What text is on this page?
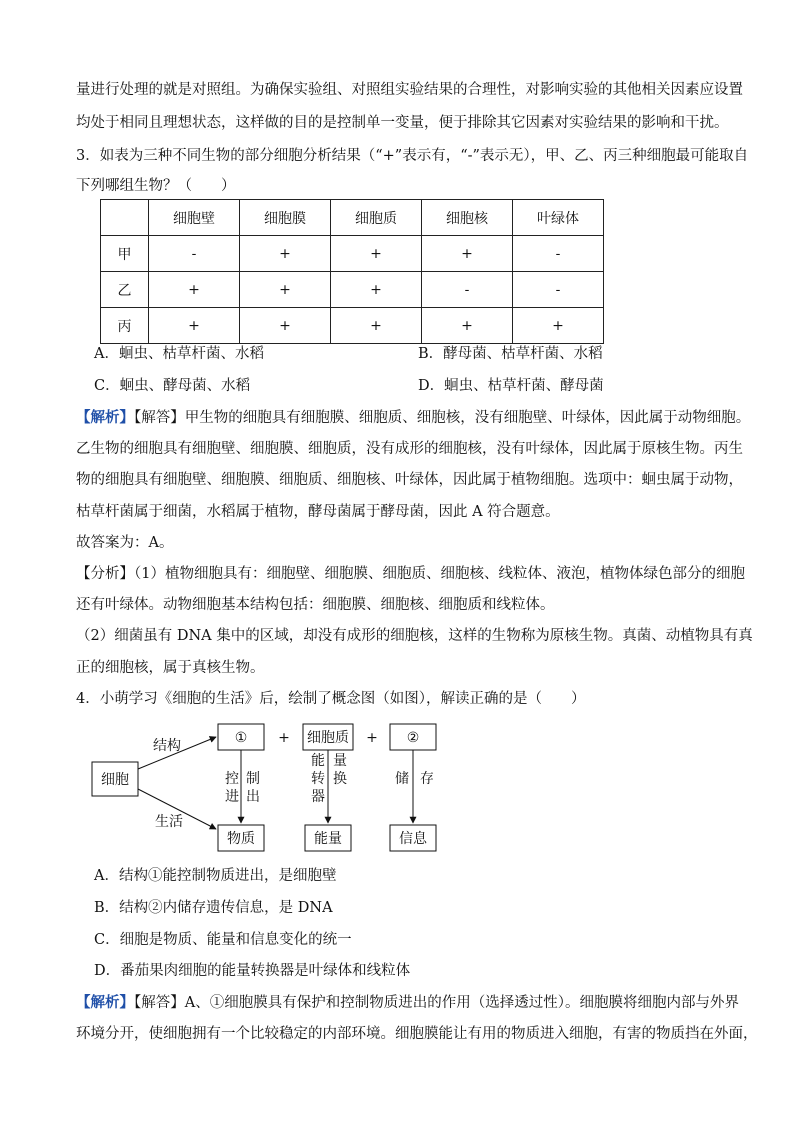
量进行处理的就是对照组。为确保实验组、对照组实验结果的合理性，对影响实验的其他相关因素应设置
均处于相同且理想状态，这样做的目的是控制单一变量，便于排除其它因素对实验结果的影响和干扰。
3．如表为三种不同生物的部分细胞分析结果（“+”表示有，“-”表示无），甲、乙、丙三种细胞最可能取自
下列哪组生物？（　　）
	细胞壁	细胞膜	细胞质	细胞核	叶绿体
甲	-	+	+	+	-
乙	+	+	+	-	-
丙	+	+	+	+	+
A．蛔虫、枯草杆菌、水稻	B．酵母菌、枯草杆菌、水稻
C．蛔虫、酵母菌、水稻	D．蛔虫、枯草杆菌、酵母菌
【解析】【解答】甲生物的细胞具有细胞膜、细胞质、细胞核，没有细胞壁、叶绿体，因此属于动物细胞。
乙生物的细胞具有细胞壁、细胞膜、细胞质，没有成形的细胞核，没有叶绿体，因此属于原核生物。丙生
物的细胞具有细胞壁、细胞膜、细胞质、细胞核、叶绿体，因此属于植物细胞。选项中：蛔虫属于动物，
枯草杆菌属于细菌，水稻属于植物，酵母菌属于酵母菌，因此 A 符合题意。
故答案为：A。
【分析】（1）植物细胞具有：细胞壁、细胞膜、细胞质、细胞核、线粒体、液泡，植物体绿色部分的细胞
还有叶绿体。动物细胞基本结构包括：细胞膜、细胞核、细胞质和线粒体。
（2）细菌虽有 DNA 集中的区域，却没有成形的细胞核，这样的生物称为原核生物。真菌、动植物具有真
正的细胞核，属于真核生物。
4．小萌学习《细胞的生活》后，绘制了概念图（如图），解读正确的是（　　）
细胞
结构
生活
① + 细胞质 + ②
控
进
制
出
能
转
器
量
换	储 存
物质	能量	信息
A．结构①能控制物质进出，是细胞壁
B．结构②内储存遗传信息，是 DNA
C．细胞是物质、能量和信息变化的统一
D．番茄果肉细胞的能量转换器是叶绿体和线粒体
【解析】【解答】A、①细胞膜具有保护和控制物质进出的作用（选择透过性）。细胞膜将细胞内部与外界
环境分开，使细胞拥有一个比较稳定的内部环境。细胞膜能让有用的物质进入细胞，有害的物质挡在外面，
